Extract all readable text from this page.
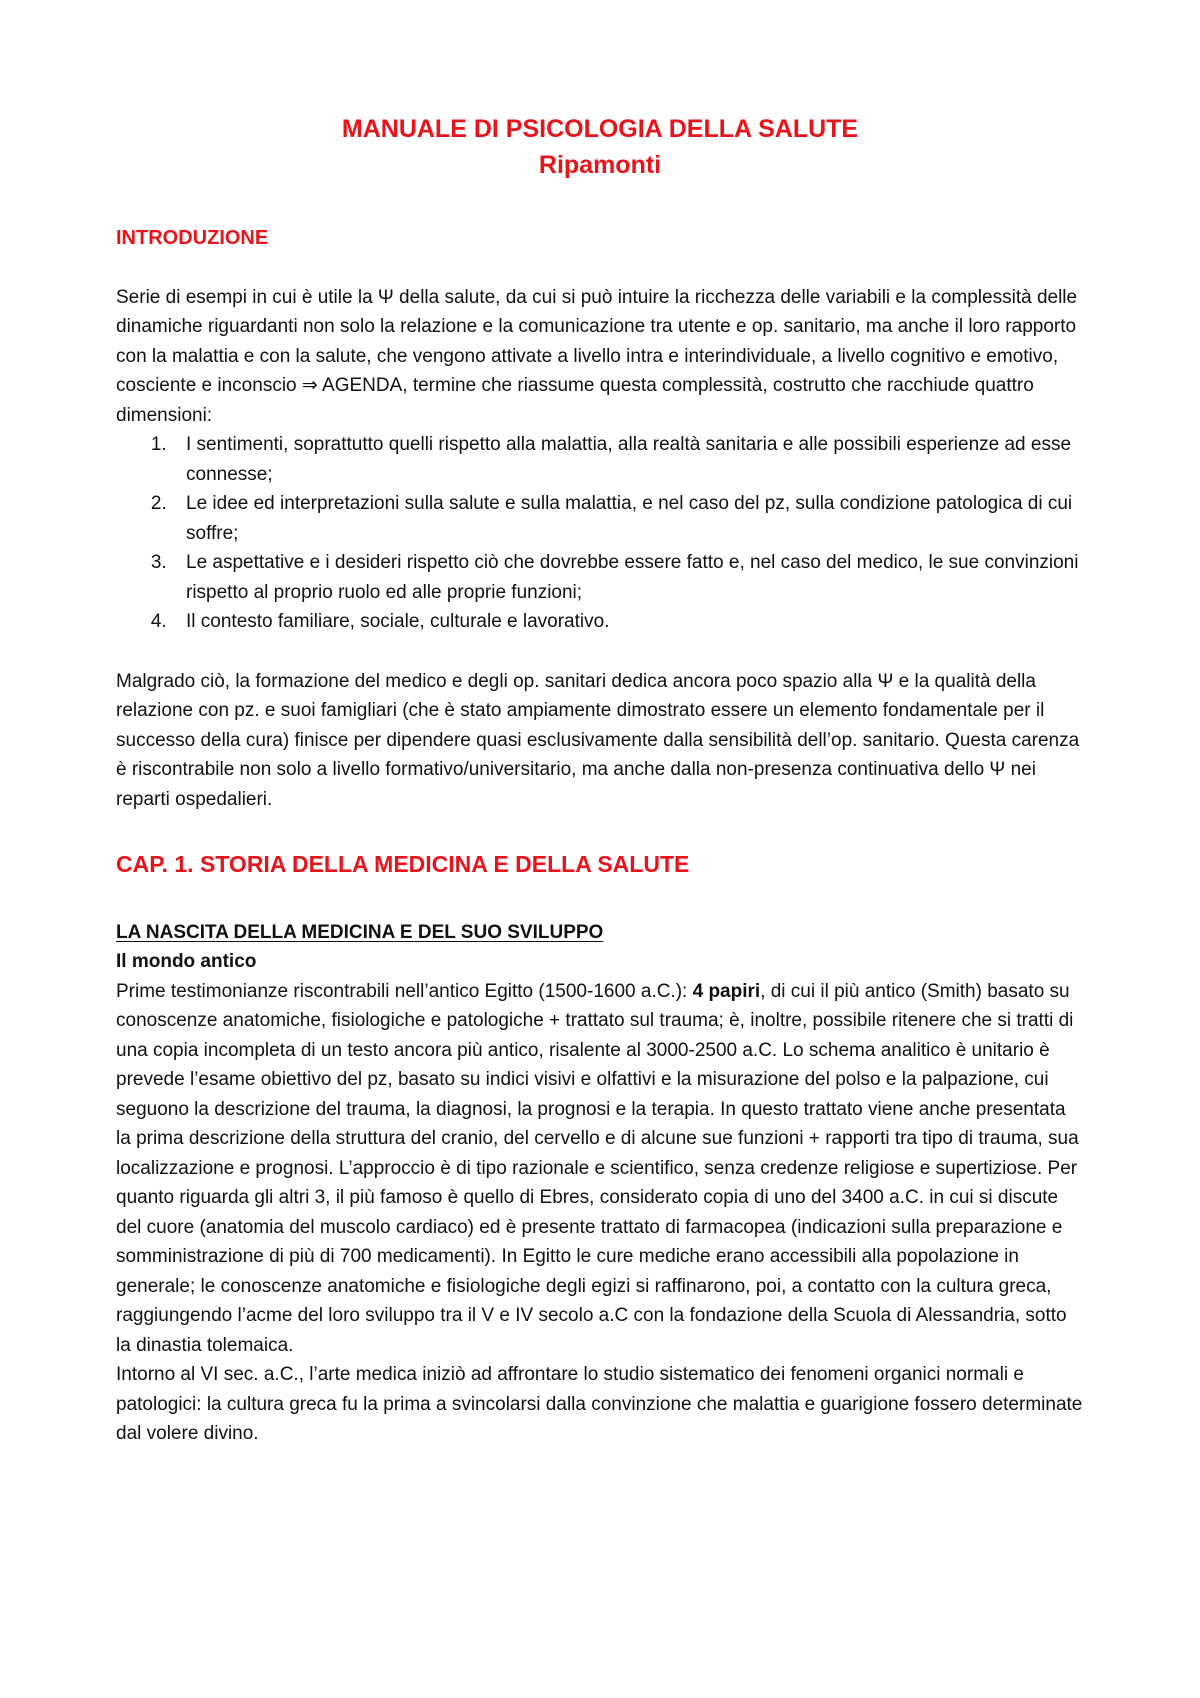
MANUALE DI PSICOLOGIA DELLA SALUTE
Ripamonti
INTRODUZIONE

Serie di esempi in cui è utile la Ψ della salute, da cui si può intuire la ricchezza delle variabili e la complessità delle dinamiche riguardanti non solo la relazione e la comunicazione tra utente e op. sanitario, ma anche il loro rapporto con la malattia e con la salute, che vengono attivate a livello intra e interindividuale, a livello cognitivo e emotivo, cosciente e inconscio ⇒ AGENDA, termine che riassume questa complessità, costrutto che racchiude quattro dimensioni:

1. I sentimenti, soprattutto quelli rispetto alla malattia, alla realtà sanitaria e alle possibili esperienze ad esse connesse;
2. Le idee ed interpretazioni sulla salute e sulla malattia, e nel caso del pz, sulla condizione patologica di cui soffre;
3. Le aspettative e i desideri rispetto ciò che dovrebbe essere fatto e, nel caso del medico, le sue convinzioni rispetto al proprio ruolo ed alle proprie funzioni;
4. Il contesto familiare, sociale, culturale e lavorativo.

Malgrado ciò, la formazione del medico e degli op. sanitari dedica ancora poco spazio alla Ψ e la qualità della relazione con pz. e suoi famigliari (che è stato ampiamente dimostrato essere un elemento fondamentale per il successo della cura) finisce per dipendere quasi esclusivamente dalla sensibilità dell’op. sanitario. Questa carenza è riscontrabile non solo a livello formativo/universitario, ma anche dalla non-presenza continuativa dello Ψ nei reparti ospedalieri.

CAP. 1. STORIA DELLA MEDICINA E DELLA SALUTE
LA NASCITA DELLA MEDICINA E DEL SUO SVILUPPO
Il mondo antico

Prime testimonianze riscontrabili nell’antico Egitto (1500-1600 a.C.): 4 papiri, di cui il più antico (Smith) basato su conoscenze anatomiche, fisiologiche e patologiche + trattato sul trauma; è, inoltre, possibile ritenere che si tratti di una copia incompleta di un testo ancora più antico, risalente al 3000-2500 a.C. Lo schema analitico è unitario è prevede l’esame obiettivo del pz, basato su indici visivi e olfattivi e la misurazione del polso e la palpazione, cui seguono la descrizione del trauma, la diagnosi, la prognosi e la terapia. In questo trattato viene anche presentata la prima descrizione della struttura del cranio, del cervello e di alcune sue funzioni + rapporti tra tipo di trauma, sua localizzazione e prognosi. L’approccio è di tipo razionale e scientifico, senza credenze religiose e supertiziose. Per quanto riguarda gli altri 3, il più famoso è quello di Ebres, considerato copia di uno del 3400 a.C. in cui si discute del cuore (anatomia del muscolo cardiaco) ed è presente trattato di farmacopea (indicazioni sulla preparazione e somministrazione di più di 700 medicamenti). In Egitto le cure mediche erano accessibili alla popolazione in generale; le conoscenze anatomiche e fisiologiche degli egizi si raffinarono, poi, a contatto con la cultura greca, raggiungendo l’acme del loro sviluppo tra il V e IV secolo a.C con la fondazione della Scuola di Alessandria, sotto la dinastia tolemaica.

Intorno al VI sec. a.C., l’arte medica iniziò ad affrontare lo studio sistematico dei fenomeni organici normali e patologici: la cultura greca fu la prima a svincolarsi dalla convinzione che malattia e guarigione fossero determinate dal volere divino.
